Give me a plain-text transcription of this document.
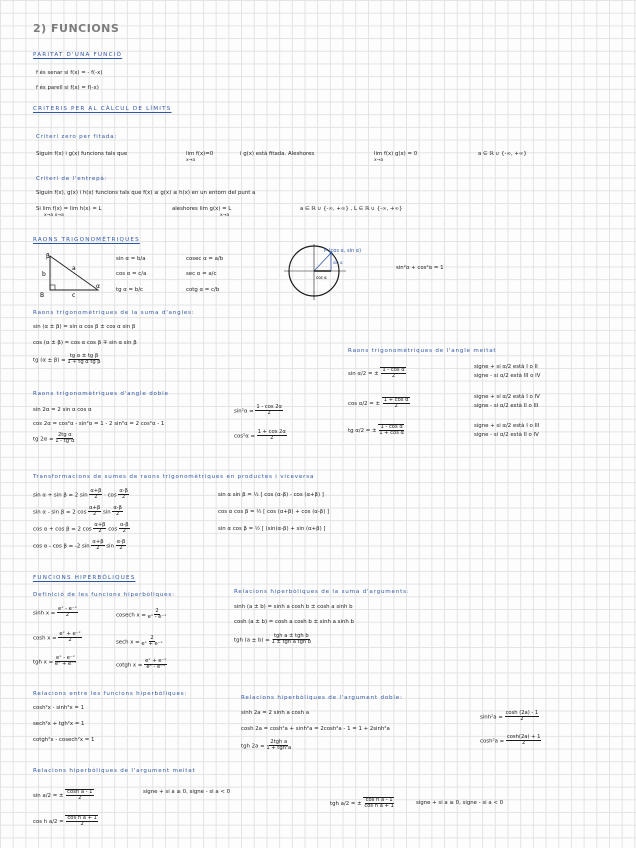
2) FUNCIONS
PARITAT D'UNA FUNCIÓ
f és senar si f(x) = - f(-x)
f és parell si f(x) = f(-x)
CRITERIS PER AL CÀLCUL DE LÍMITS
Criteri zero per fitada:
Siguin f(x) i g(x) funcions tals que	lim f(x)=0
x→a
i g(x) està fitada. Aleshores	lim f(x) g(x) = 0
x→a
a ∈ ℝ ∪ {-∞, +∞}
Criteri de l'entrepà:
Siguin f(x), g(x) i h(x) funcions tals que f(x) ≤ g(x) ≤ h(x) en un entorn del punt a
Si lim f(x) = lim h(x) = L
x→a x→a
aleshores lim g(x) = L
x→a
a ∈ ℝ ∪ {-∞, +∞} , L ∈ ℝ ∪ {-∞, +∞}
RAONS TRIGONOMÈTRIQUES
β
a
b
c
B
α
sin α = b/a
cos α = c/a
tg α = b/c
cosec α = a/b
sec α = a/c
cotg α = c/b
P (cos α, sin α)
sin α
cos α
sin²α + cos²α = 1
Raons trigonomètriques de la suma d'angles:
sin (α ± β) = sin α cos β ± cos α sin β
cos (α ± β) = cos α cos β ∓ sin α sin β
tg $(\alpha \pm \beta) = \frac{\text{tg α ± tg β}}{\text{1 ∓ tg α tg β}}$
Raons trigonomètriques de l'angle meitat
sin α/2 = ± $\frac{\text{1 - cos α}}{2}$	signe + si α/2 està I o II
signe - si α/2 està III o IV
cos α/2 = ± $\frac{\text{1 + cos α}}{2}$	signe + si α/2 està I o IV
signe - si α/2 està II o III
tg α/2 = ± $\frac{\text{1 - cos α}}{\text{1 + cos α}}$	signe + si α/2 està I o III
signe - si α/2 està II o IV
Raons trigonomètriques d'angle doble
sin 2α = 2 sin α cos α
cos 2α = cos²α - sin²α = 1 - 2 sin²α = 2 cos²α - 1
tg $2\alpha = \frac{\text{2tg α}}{\text{1 - tg²α}}$
$\sin^2\alpha = \frac{1 - \cos 2\alpha}{2}$
$\cos^2\alpha = \frac{1 + \cos 2\alpha}{2}$
Transformacions de sumes de raons trigonomètriques en productes i viceversa
sin α + sin β = 2 $\sin \frac{\alpha+\beta}{2} \cdot \cos \frac{\alpha-\beta}{2}$
sin α - sin β = 2 $\cos \frac{\alpha+\beta}{2}$ $\sin \frac{\alpha-\beta}{2}$
cos α + cos β = 2 $\cos \frac{\alpha+\beta}{2}$ $\cos \frac{\alpha-\beta}{2}$
cos α - cos β = -2 $\sin \frac{\alpha+\beta}{2}$ $\sin \frac{\alpha-\beta}{2}$
sin α sin β = ½ [ cos (α-β) - cos (α+β) ]
cos α cos β = ½ [ cos (α+β) + cos (α-β) ]
sin α cos β = ½ [ (sin(α-β) + sin (α+β) ]
FUNCIONS HIPERBÒLIQUES
Definició de les funcions hiperbòliques:
$\sinh x = \frac{\text{eˣ - e⁻ˣ}}{2}$
$\cosh x = \frac{\text{eˣ + e⁻ˣ}}{2}$
tgh $x = \frac{\text{eˣ - e⁻ˣ}}{\text{eˣ + e⁻ˣ}}$
cosech $x = \frac{2}{\text{eˣ - e⁻ˣ}}$
sech $x = \frac{2}{\text{eˣ + e⁻ˣ}}$
cotgh $x = \frac{\text{eˣ + e⁻ˣ}}{\text{eˣ - e⁻ˣ}}$
Relacions hiperbòliques de la suma d'arguments:
sinh (a ± b) = sinh a cosh b ± cosh a sinh b
cosh (a ± b) = cosh a cosh b ± sinh a sinh b
tgh $(a \pm b) = \frac{\text{tgh a ± tgh b}}{\text{1 ± tgh a tgh b}}$
Relacions entre les funcions hiperbòliques:
cosh²x - sinh²x = 1
sech²x + tgh²x = 1
cotgh²x - cosech²x = 1
Relacions hiperbòliques de l'argument doble:
sinh 2a = 2 sinh a cosh a
cosh 2a = cosh²a + sinh²a = 2cosh²a - 1 = 1 + 2sinh²a
tgh $2a = \frac{\text{2tgh a}}{\text{1 + tgh²a}}$
$\sinh^2a = \frac{\cosh (2a) - 1}{2}$
$\cosh^2a = \frac{\cosh(2a) + 1}{2}$
Relacions hiperbòliques de l'argument meitat
sin a/2 = ± $\frac{\text{cosh a - 1}}{2}$	signe + si a ≥ 0, signe - si a < 0
cos h $a/2 = \frac{\text{cos h a + 1}}{2}$
tgh a/2 = ± $\frac{\text{cos h a - 1}}{\text{cos h a + 1}}$	signe + si a ≥ 0, signe - si a < 0
